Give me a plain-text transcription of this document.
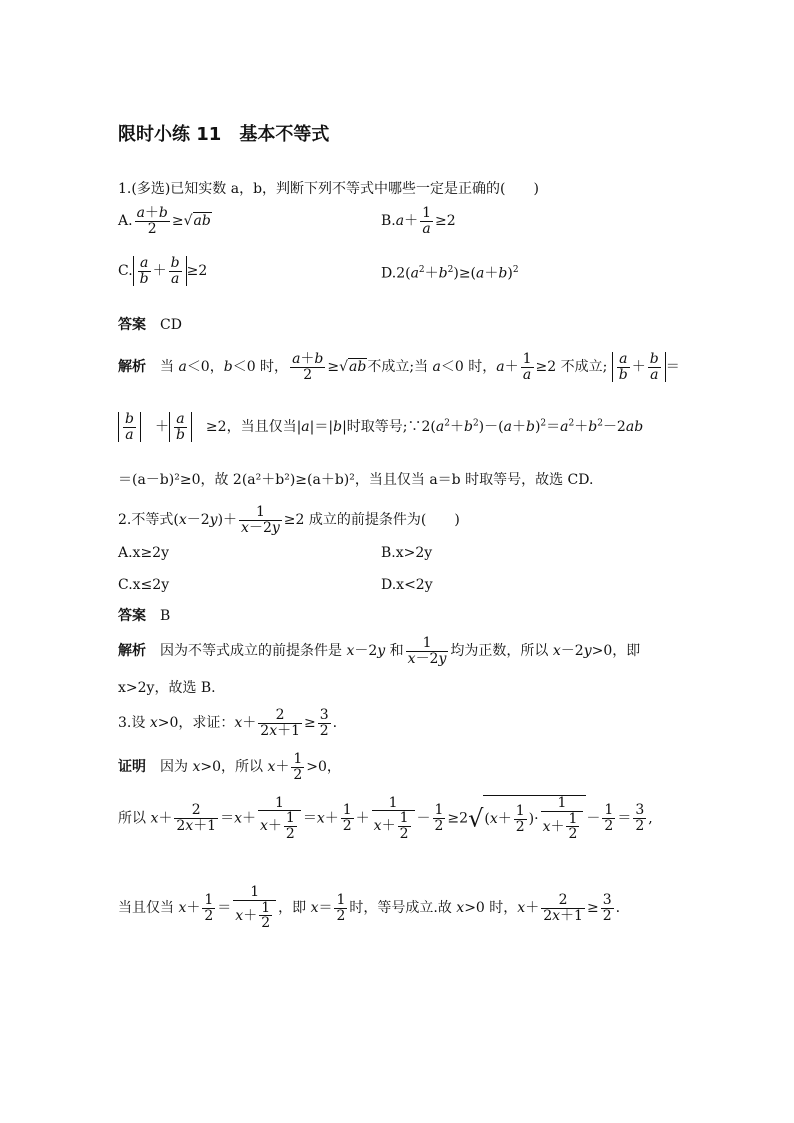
限时小练 11　基本不等式
1.(多选)已知实数 a，b，判断下列不等式中哪些一定是正确的(　　)
A. $\frac{a+b}{2} \ge√ab$	$B.a+ \frac{1}{a} \ge 2$
C. $\frac{a}{b} + \frac{b}{a} \ge 2$	$D.2(a^2+b^2)\ge(a+b)^2$
答案　 CD
解析　当 a＜0，b＜0 时， $\frac{a+b}{2} \ge√ab$不成立;当 a＜0 时，$a+ \frac{1}{a} \ge 2$ 不成立; $\frac{a}{b} + \frac{b}{a}$ ＝
$\frac{b}{a}$ 　＋ $\frac{a}{b}$ 　≥2，当且仅当|a|＝|b|时取等号$;\because 2(a^2+b^2)-(a+b)^2=a^2+b^2-2ab$
＝(a－b)²≥0，故 2(a²＋b²)≥(a＋b)²，当且仅当 a＝b 时取等号，故选 CD.
2.不等式$(x-2y)+ \frac{1}{x-2y} \ge 2$ 成立的前提条件为(　　)
A.x≥2y	B.x>2y
C.x≤2y	D.x<2y
答案　 B
解析　因为不等式成立的前提条件是 x－2y 和 $\frac{1}{x-2y}$ 均为正数，所以 x－2y>0，即
x>2y，故选 B.
3.设 x>0，求证：$x+ \frac{2}{2x+1} \ge \frac{3}{2}$ .
证明　因为 x>0，所以 $x+ \frac{1}{2} >0$，
所以 $x+ \frac{2}{2x+1} =x+ \frac{1}{x+ \frac{1}{2}} =x+ \frac{1}{2} + \frac{1}{x+ \frac{1}{2}} - \frac{1}{2} \ge 2√(x+ \frac{1}{2}$ )· $\frac{1}{x+ \frac{1}{2}} - \frac{1}{2} = \frac{3}{2}$ ,
当且仅当 $x+ \frac{1}{2} = \frac{1}{x+ \frac{1}{2}}$ ，即 $x= \frac{1}{2}$ 时，等号成立.故 x>0 时，$x+ \frac{2}{2x+1} \ge \frac{3}{2}$ .
